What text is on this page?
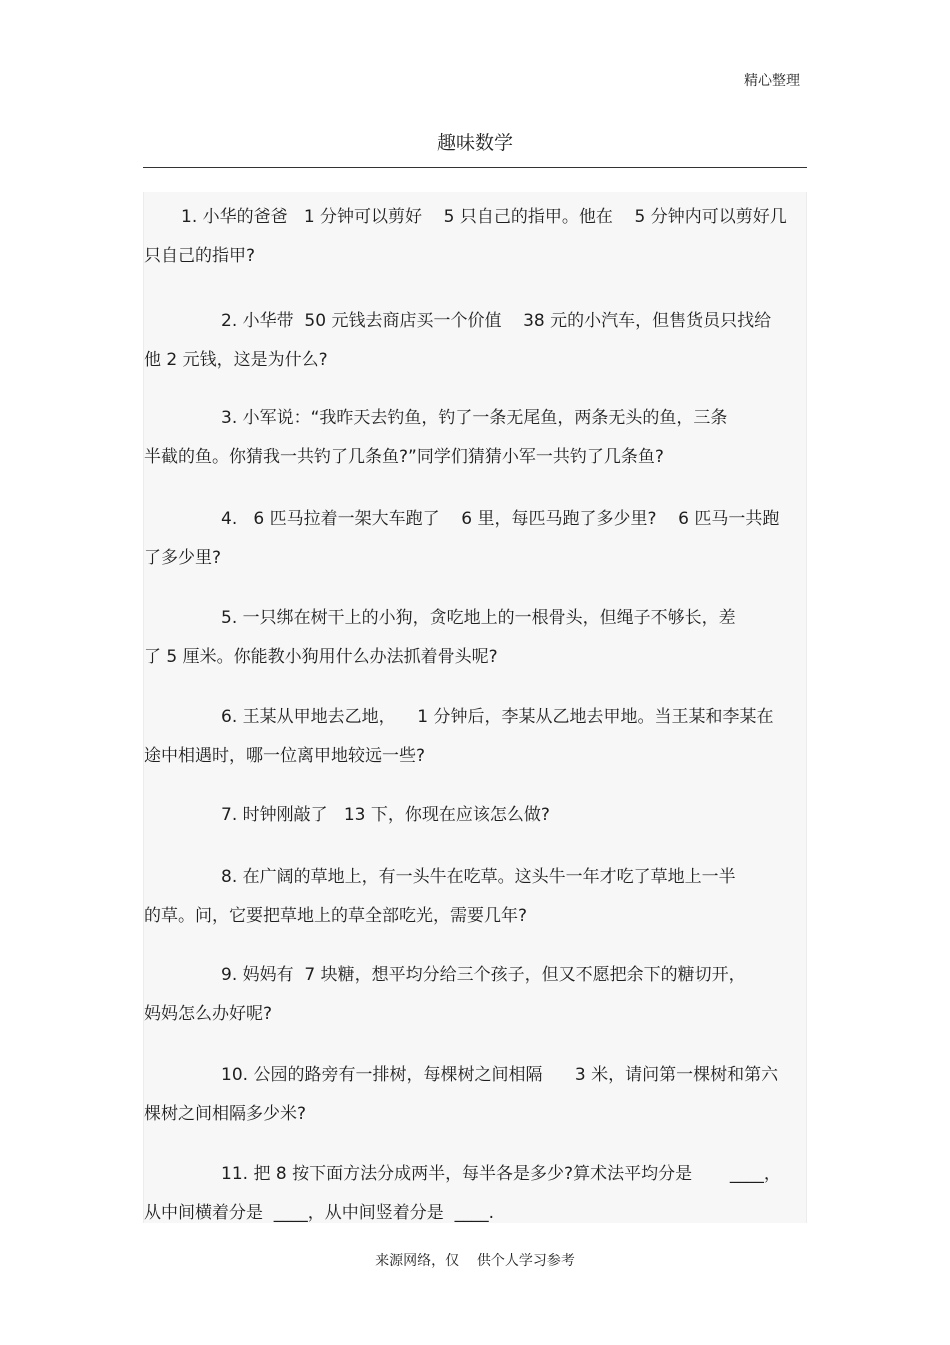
精心整理
趣味数学

1. 小华的爸爸   1 分钟可以剪好    5 只自己的指甲。他在    5 分钟内可以剪好几
只自己的指甲?

2. 小华带  50 元钱去商店买一个价值    38 元的小汽车，但售货员只找给
他 2 元钱，这是为什么?

3. 小军说：“我昨天去钓鱼，钓了一条无尾鱼，两条无头的鱼，三条
半截的鱼。你猜我一共钓了几条鱼?”同学们猜猜小军一共钓了几条鱼?

4.   6 匹马拉着一架大车跑了    6 里，每匹马跑了多少里?    6 匹马一共跑
了多少里?

5. 一只绑在树干上的小狗，贪吃地上的一根骨头，但绳子不够长，差
了 5 厘米。你能教小狗用什么办法抓着骨头呢?

6. 王某从甲地去乙地，    1 分钟后，李某从乙地去甲地。当王某和李某在
途中相遇时，哪一位离甲地较远一些?

7. 时钟刚敲了   13 下，你现在应该怎么做?

8. 在广阔的草地上，有一头牛在吃草。这头牛一年才吃了草地上一半
的草。问，它要把草地上的草全部吃光，需要几年?

9. 妈妈有  7 块糖，想平均分给三个孩子，但又不愿把余下的糖切开，
妈妈怎么办好呢?

10. 公园的路旁有一排树，每棵树之间相隔      3 米，请问第一棵树和第六
棵树之间相隔多少米?

11. 把 8 按下面方法分成两半，每半各是多少?算术法平均分是       ____，
从中间横着分是  ____，从中间竖着分是  ____.

来源网络，仅    供个人学习参考
